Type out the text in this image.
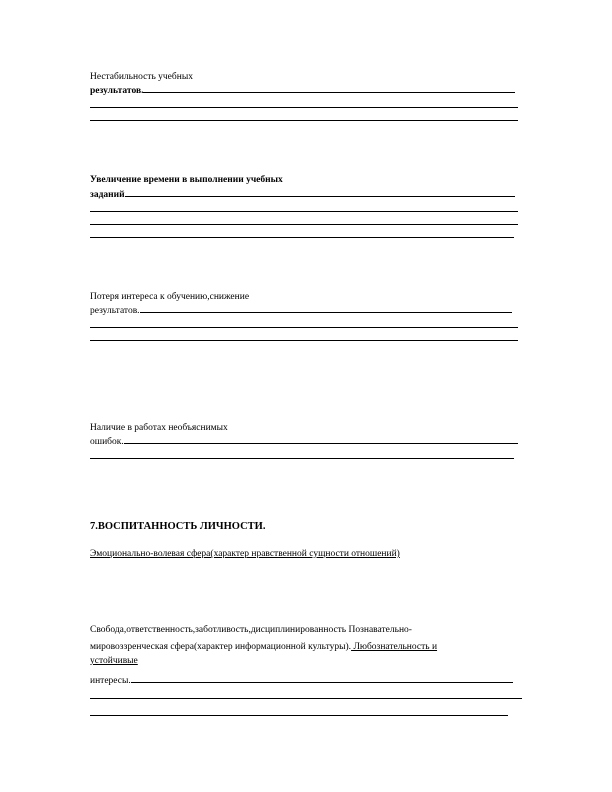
Нестабильность учебных
результатов.
Увеличение времени в выполнении учебных
заданий
Потеря интереса к обучению,снижение
результатов.
Наличие в работах необъяснимых
ошибок.
7.ВОСПИТАННОСТЬ ЛИЧНОСТИ.
Эмоционально-волевая сфера(характер нравственной сущности отношений)
Свобода,ответственность,заботливость,дисциплинированность Познавательно-
мировоззренческая сфера(характер информационной культуры). Любознательность и
устойчивые
интересы.
